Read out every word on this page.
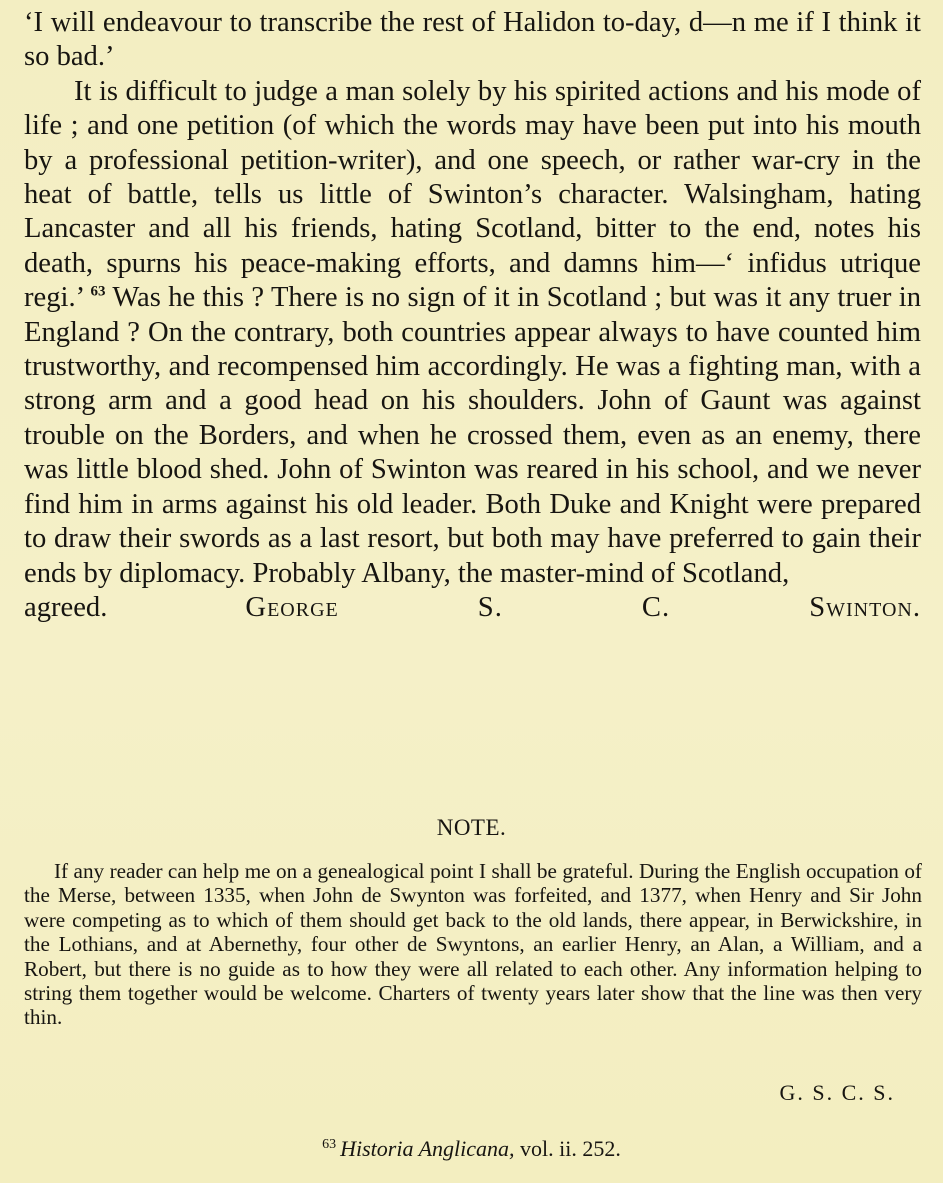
‘I will endeavour to transcribe the rest of Halidon to-day, d—n me if I think it so bad.’

It is difficult to judge a man solely by his spirited actions and his mode of life ; and one petition (of which the words may have been put into his mouth by a professional petition-writer), and one speech, or rather war-cry in the heat of battle, tells us little of Swinton’s character. Walsingham, hating Lancaster and all his friends, hating Scotland, bitter to the end, notes his death, spurns his peace-making efforts, and damns him—‘ infidus utrique regi.’ $^{63}$ Was he this ? There is no sign of it in Scotland ; but was it any truer in England ? On the contrary, both countries appear always to have counted him trustworthy, and recompensed him accordingly. He was a fighting man, with a strong arm and a good head on his shoulders. John of Gaunt was against trouble on the Borders, and when he crossed them, even as an enemy, there was little blood shed. John of Swinton was reared in his school, and we never find him in arms against his old leader. Both Duke and Knight were prepared to draw their swords as a last resort, but both may have preferred to gain their ends by diplomacy. Probably Albany, the master-mind of Scotland,

agreed.	George S. C. Swinton.

NOTE.

If any reader can help me on a genealogical point I shall be grateful. During the English occupation of the Merse, between 1335, when John de Swynton was forfeited, and 1377, when Henry and Sir John were competing as to which of them should get back to the old lands, there appear, in Berwickshire, in the Lothians, and at Abernethy, four other de Swyntons, an earlier Henry, an Alan, a William, and a Robert, but there is no guide as to how they were all related to each other. Any information helping to string them together would be welcome. Charters of twenty years later show that the line was then very thin.

G. S. C. S.
$^{63}$ Historia Anglicana, vol. ii. 252.
